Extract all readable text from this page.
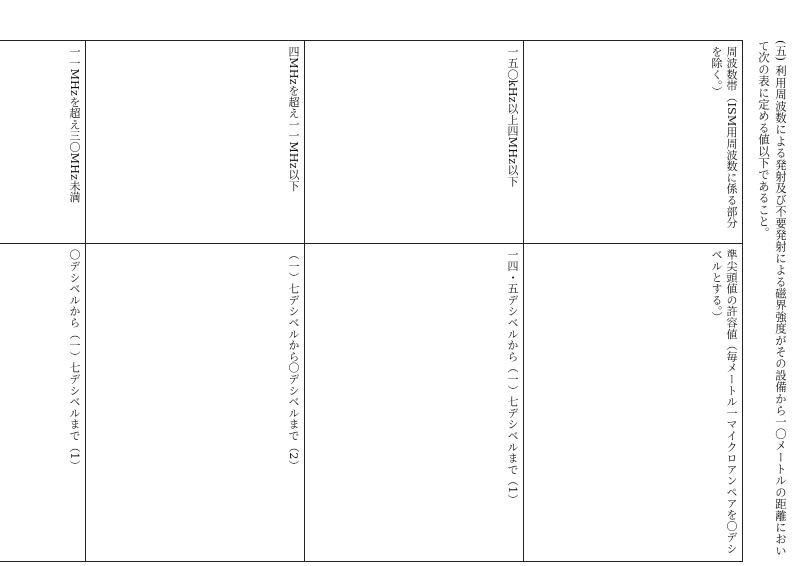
(五) 利用周波数による発射及び不要発射による磁界強度がその設備から一〇メートルの距離において次の表に定める値以下であること。
周波数帯（ISM用周波数に係る部分を除く。）	準尖頭値の許容値（毎メートル一マイクロアンペアを〇デシベルとする。）
一五〇kHz以上四MHz以下	一四・五デシベルから（一）七デシベルまで（1）
四MHzを超え一一MHz以下	（一）七デシベルから〇デシベルまで（2）
一一MHzを超え三〇MHz未満	〇デシベルから（一）七デシベルまで（1）
